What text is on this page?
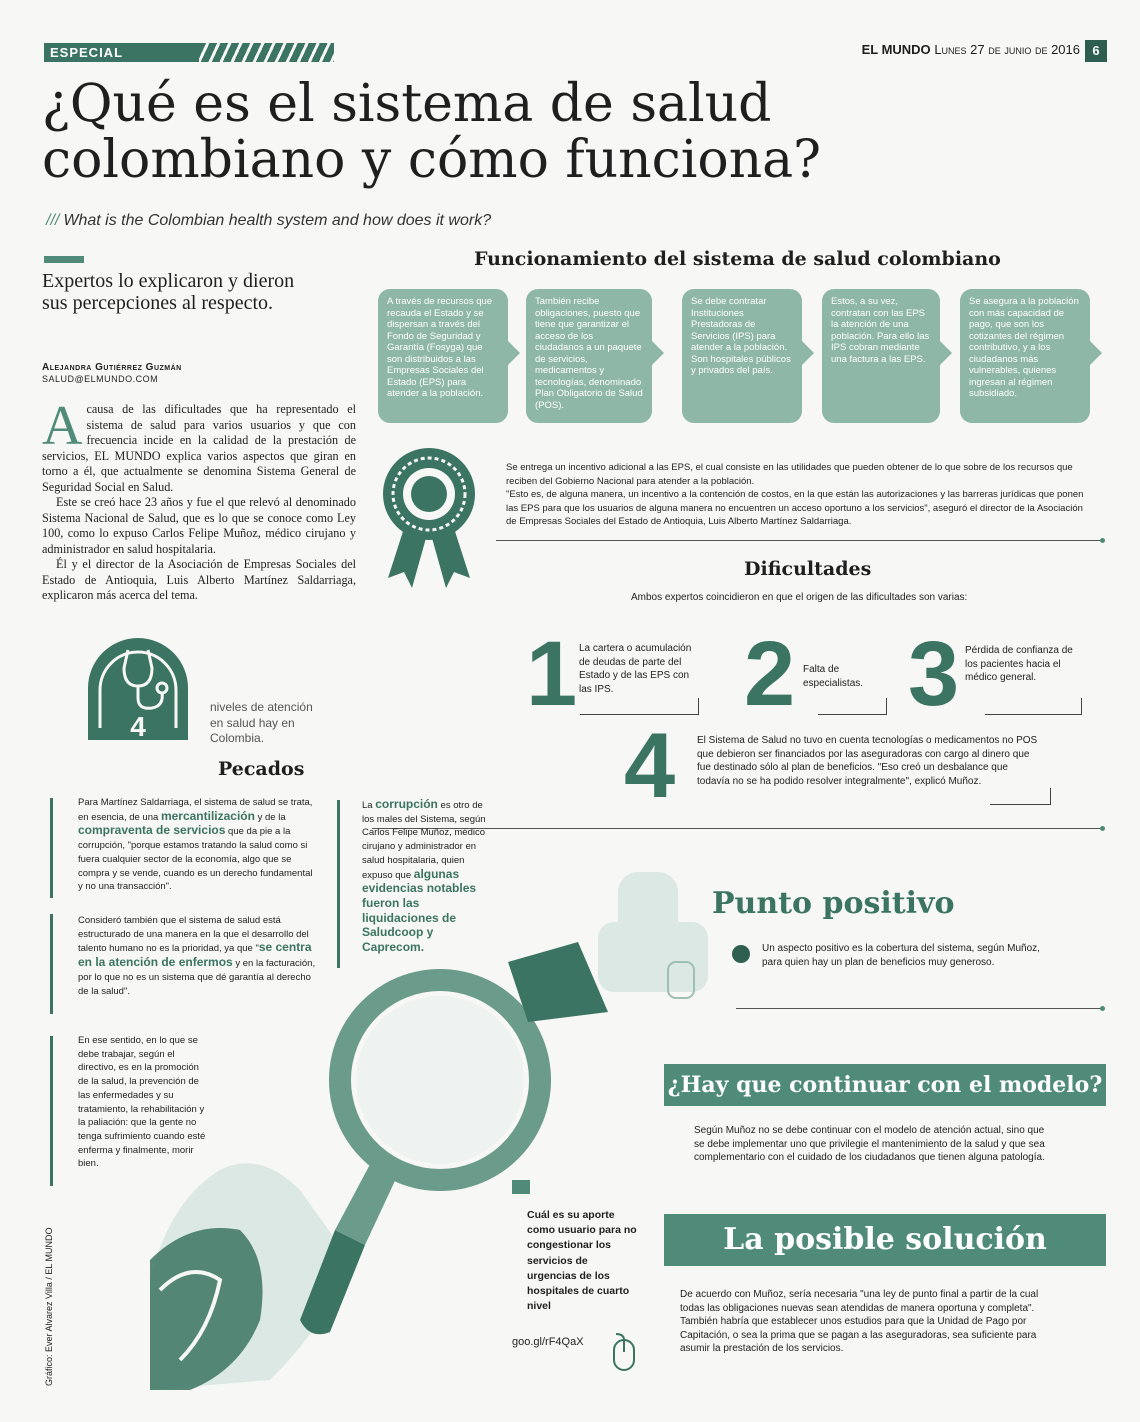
ESPECIAL	EL MUNDO Lunes 27 de junio de 2016 6
¿Qué es el sistema de salud colombiano y cómo funciona?
/// What is the Colombian health system and how does it work?
Expertos lo explicaron y dieron sus percepciones al respecto.
Alejandra Gutiérrez Guzmán
SALUD@ELMUNDO.COM

Acausa de las dificultades que ha representado el sistema de salud para varios usuarios y que con frecuencia incide en la calidad de la prestación de servicios, EL MUNDO explica varios aspectos que giran en torno a él, que actualmente se denomina Sistema General de Seguridad Social en Salud.

Este se creó hace 23 años y fue el que relevó al denominado Sistema Nacional de Salud, que es lo que se conoce como Ley 100, como lo expuso Carlos Felipe Muñoz, médico cirujano y administrador en salud hospitalaria.

Él y el director de la Asociación de Empresas Sociales del Estado de Antioquia, Luis Alberto Martínez Saldarriaga, explicaron más acerca del tema.

4
niveles de atención en salud hay en Colombia.
Funcionamiento del sistema de salud colombiano
A través de recursos que recauda el Estado y se dispersan a través del Fondo de Seguridad y Garantía (Fosyga) que son distribuidos a las Empresas Sociales del Estado (EPS) para atender a la población.
También recibe obligaciones, puesto que tiene que garantizar el acceso de los ciudadanos a un paquete de servicios, medicamentos y tecnologías, denominado Plan Obligatorio de Salud (POS).
Se debe contratar Instituciones Prestadoras de Servicios (IPS) para atender a la población. Son hospitales públicos y privados del país.
Estos, a su vez, contratan con las EPS la atención de una población. Para ello las IPS cobran mediante una factura a las EPS.
Se asegura a la población con más capacidad de pago, que son los cotizantes del régimen contributivo, y a los ciudadanos más vulnerables, quienes ingresan al régimen subsidiado.

Se entrega un incentivo adicional a las EPS, el cual consiste en las utilidades que pueden obtener de lo que sobre de los recursos que reciben del Gobierno Nacional para atender a la población.

"Esto es, de alguna manera, un incentivo a la contención de costos, en la que están las autorizaciones y las barreras jurídicas que ponen las EPS para que los usuarios de alguna manera no encuentren un acceso oportuno a los servicios", aseguró el director de la Asociación de Empresas Sociales del Estado de Antioquia, Luis Alberto Martínez Saldarriaga.

Dificultades
Ambos expertos coincidieron en que el origen de las dificultades son varias:
1 La cartera o acumulación de deudas de parte del Estado y de las EPS con las IPS.	2 Falta de especialistas. 3 Pérdida de confianza de los pacientes hacia el médico general.
4 El Sistema de Salud no tuvo en cuenta tecnologías o medicamentos no POS que debieron ser financiados por las aseguradoras con cargo al dinero que fue destinado sólo al plan de beneficios. "Eso creó un desbalance que todavía no se ha podido resolver integralmente", explicó Muñoz.
Pecados
Para Martínez Saldarriaga, el sistema de salud se trata, en esencia, de una mercantilización y de la compraventa de servicios que da pie a la corrupción, "porque estamos tratando la salud como si fuera cualquier sector de la economía, algo que se compra y se vende, cuando es un derecho fundamental y no una transacción".
Consideró también que el sistema de salud está estructurado de una manera en la que el desarrollo del talento humano no es la prioridad, ya que "se centra en la atención de enfermos y en la facturación, por lo que no es un sistema que dé garantía al derecho de la salud".
En ese sentido, en lo que se debe trabajar, según el directivo, es en la promoción de la salud, la prevención de las enfermedades y su tratamiento, la rehabilitación y la paliación: que la gente no tenga sufrimiento cuando esté enferma y finalmente, morir bien.
La corrupción es otro de los males del Sistema, según Carlos Felipe Muñoz, médico cirujano y administrador en salud hospitalaria, quien expuso que algunas evidencias notables fueron las liquidaciones de Saludcoop y Caprecom.
Punto positivo
Un aspecto positivo es la cobertura del sistema, según Muñoz, para quien hay un plan de beneficios muy generoso.
¿Hay que continuar con el modelo?
Según Muñoz no se debe continuar con el modelo de atención actual, sino que se debe implementar uno que privilegie el mantenimiento de la salud y que sea complementario con el cuidado de los ciudadanos que tienen alguna patología.
La posible solución
De acuerdo con Muñoz, sería necesaria "una ley de punto final a partir de la cual todas las obligaciones nuevas sean atendidas de manera oportuna y completa". También habría que establecer unos estudios para que la Unidad de Pago por Capitación, o sea la prima que se pagan a las aseguradoras, sea suficiente para asumir la prestación de los servicios.
Cuál es su aporte como usuario para no congestionar los servicios de urgencias de los hospitales de cuarto nivel
goo.gl/rF4QaX
Gráfico: Ever Alvarez Villa / EL MUNDO
